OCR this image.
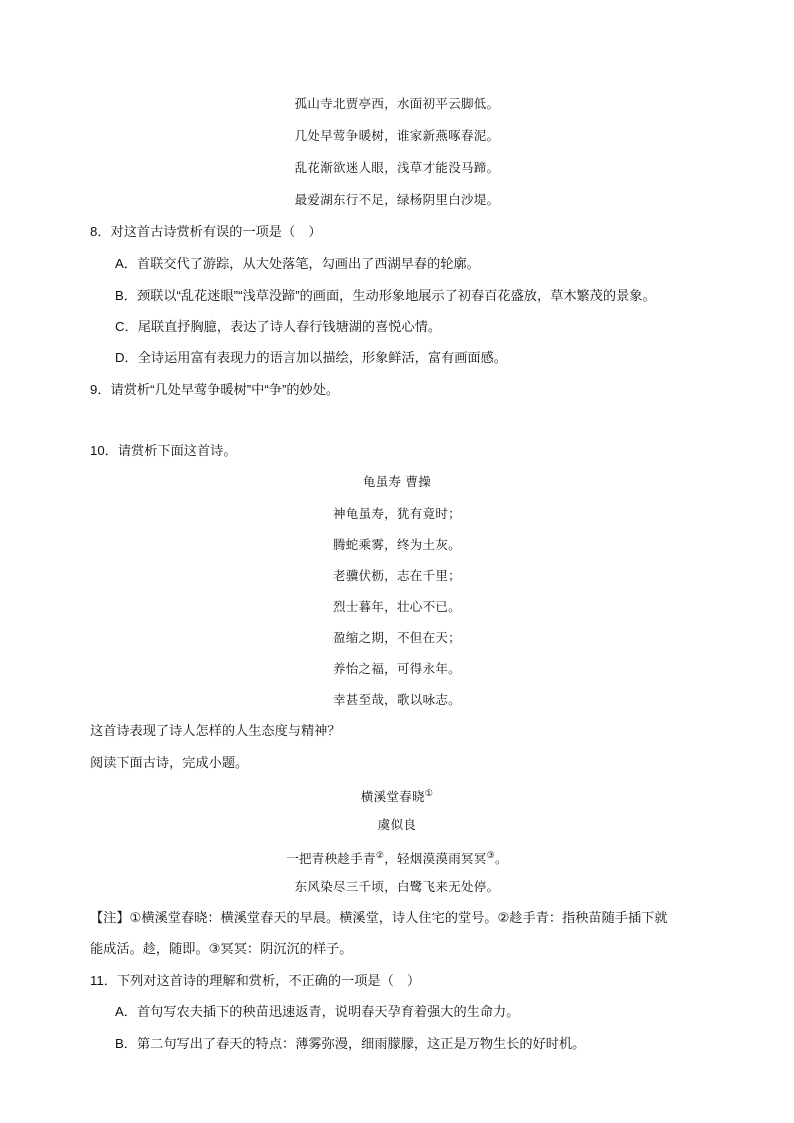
孤山寺北贾亭西，水面初平云脚低。
几处早莺争暖树，谁家新燕啄春泥。
乱花渐欲迷人眼，浅草才能没马蹄。
最爱湖东行不足，绿杨阴里白沙堤。
8．对这首古诗赏析有误的一项是（　）
A．首联交代了游踪，从大处落笔，勾画出了西湖早春的轮廓。
B．颈联以“乱花迷眼”“浅草没蹄”的画面，生动形象地展示了初春百花盛放，草木繁茂的景象。
C．尾联直抒胸臆，表达了诗人春行钱塘湖的喜悦心情。
D．全诗运用富有表现力的语言加以描绘，形象鲜活，富有画面感。
9．请赏析“几处早莺争暖树”中“争”的妙处。
10．请赏析下面这首诗。
龟虽寿 曹操
神龟虽寿，犹有竟时；
腾蛇乘雾，终为土灰。
老骥伏枥，志在千里；
烈士暮年，壮心不已。
盈缩之期，不但在天；
养怡之福，可得永年。
幸甚至哉，歌以咏志。
这首诗表现了诗人怎样的人生态度与精神？
阅读下面古诗，完成小题。
横溪堂春晓①
虞似良
一把青秧趁手青②，轻烟漠漠雨冥冥③。
东风染尽三千顷，白鹭飞来无处停。
【注】①横溪堂春晓：横溪堂春天的早晨。横溪堂，诗人住宅的堂号。②趁手青：指秧苗随手插下就
能成活。趁，随即。③冥冥：阴沉沉的样子。
11．下列对这首诗的理解和赏析，不正确的一项是（　）
A．首句写农夫插下的秧苗迅速返青，说明春天孕育着强大的生命力。
B．第二句写出了春天的特点：薄雾弥漫，细雨朦朦，这正是万物生长的好时机。
